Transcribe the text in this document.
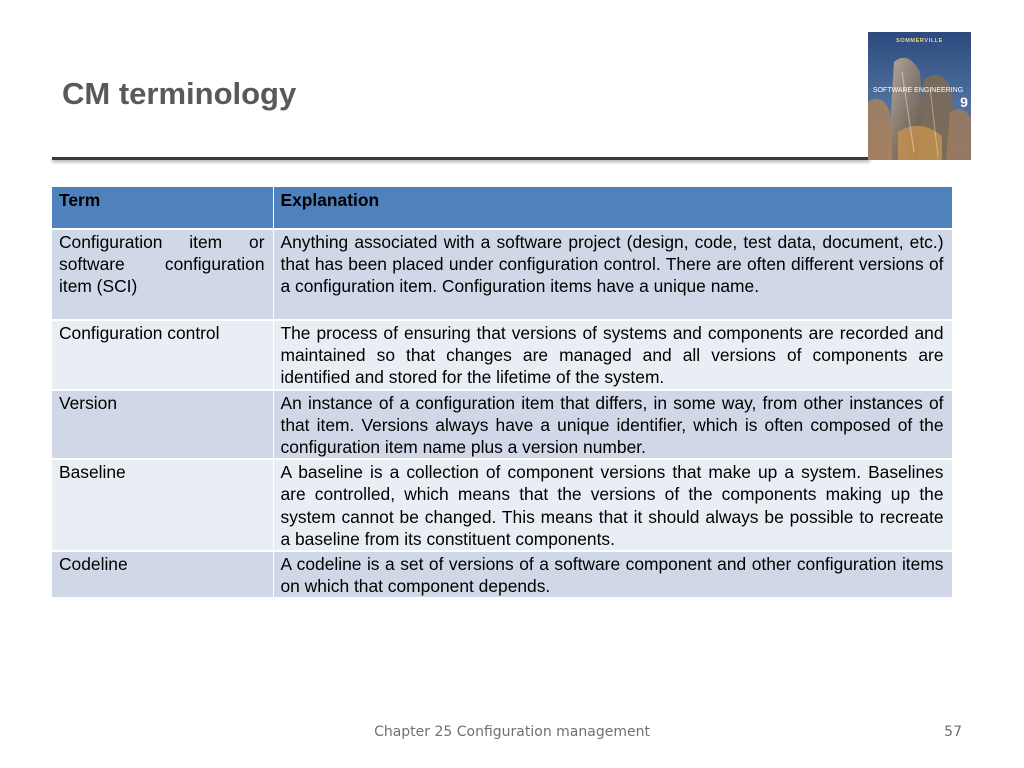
CM terminology
SOMMERVILLE
SOFTWARE ENGINEERING
9
Term	Explanation
Configuration item or software configuration item (SCI)	Anything associated with a software project (design, code, test data, document, etc.) that has been placed under configuration control. There are often different versions of a configuration item. Configuration items have a unique name.
Configuration control	The process of ensuring that versions of systems and components are recorded and maintained so that changes are managed and all versions of components are identified and stored for the lifetime of the system.
Version	An instance of a configuration item that differs, in some way, from other instances of that item. Versions always have a unique identifier, which is often composed of the configuration item name plus a version number.
Baseline	A baseline is a collection of component versions that make up a system. Baselines are controlled, which means that the versions of the components making up the system cannot be changed. This means that it should always be possible to recreate a baseline from its constituent components.
Codeline	A codeline is a set of versions of a software component and other configuration items on which that component depends.
Chapter 25 Configuration management	57
